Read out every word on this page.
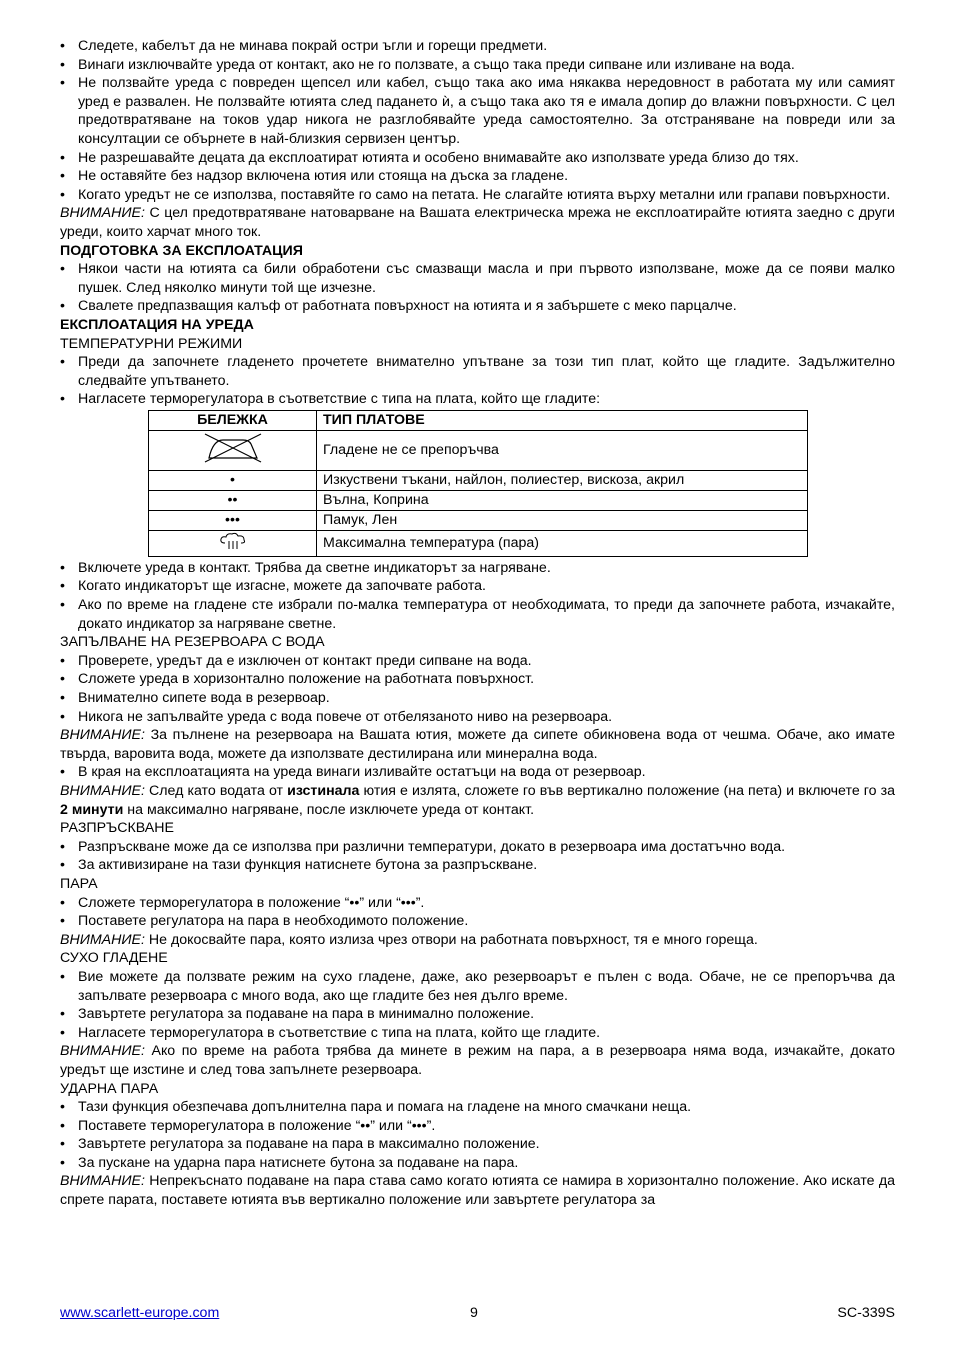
• Следете, кабелът да не минава покрай остри ъгли и горещи предмети.

• Винаги изключвайте уреда от контакт, ако не го ползвате, а също така преди сипване или изливане на вода.

• Не ползвайте уреда с повреден щепсел или кабел, също така ако има някаква нередовност в работата му или самият уред е развален. Не ползвайте ютията след падането ѝ, а също така ако тя е имала допир до влажни повърхности. С цел предотвратяване на токов удар никога не разглобявайте уреда самостоятелно. За отстраняване на повреди или за консултации се обърнете в най-близкия сервизен център.

• Не разрешавайте децата да експлоатират ютията и особено внимавайте ако използвате уреда близо до тях.

• Не оставяйте без надзор включена ютия или стояща на дъска за гладене.

• Когато уредът не се използва, поставяйте го само на петата. Не слагайте ютията върху метални или грапави повърхности.

ВНИМАНИЕ: С цел предотвратяване натоварване на Вашата електрическа мрежа не експлоатирайте ютията заедно с други уреди, които харчат много ток.

ПОДГОТОВКА ЗА ЕКСПЛОАТАЦИЯ

• Някои части на ютията са били обработени със смазващи масла и при първото използване, може да се появи малко пушек. След няколко минути той ще изчезне.

• Свалете предпазващия калъф от работната повърхност на ютията и я забършете с меко парцалче.

ЕКСПЛОАТАЦИЯ НА УРЕДА

ТЕМПЕРАТУРНИ РЕЖИМИ

• Преди да започнете гладенето прочетете внимателно упътване за този тип плат, който ще гладите. Задължително следвайте упътването.

• Нагласете терморегулатора в съответствие с типа на плата, който ще гладите:

БЕЛЕЖКА	ТИП ПЛАТОВЕ
	Гладене не се препоръчва
•	Изкуствени тъкани, найлон, полиестер, вискоза, акрил
••	Вълна, Коприна
•••	Памук, Лен
	Максимална температура (пара)

• Включете уреда в контакт. Трябва да светне индикаторът за нагряване.

• Когато индикаторът ще изгасне, можете да започвате работа.

• Ако по време на гладене сте избрали по-малка температура от необходимата, то преди да започнете работа, изчакайте, докато индикатор за нагряване светне.

ЗАПЪЛВАНЕ НА РЕЗЕРВОАРА С ВОДА

• Проверете, уредът да е изключен от контакт преди сипване на вода.

• Сложете уреда в хоризонтално положение на работната повърхност.

• Внимателно сипете вода в резервоар.

• Никога не запълвайте уреда с вода повече от отбелязаното ниво на резервоара.

ВНИМАНИЕ: За пълнене на резервоара на Вашата ютия, можете да сипете обикновена вода от чешма. Обаче, ако имате твърда, варовита вода, можете да използвате дестилирана или минерална вода.

• В края на експлоатацията на уреда винаги изливайте остатъци на вода от резервоар.

ВНИМАНИЕ: След като водата от изстинала ютия е излята, сложете го във вертикално положение (на пета) и включете го за 2 минути на максимално нагряване, после изключете уреда от контакт.

РАЗПРЪСКВАНЕ

• Разпръскване може да се използва при различни температури, докато в резервоара има достатъчно вода.

• За активизиране на тази функция натиснете бутона за разпръскване.

ПАРА

• Сложете терморегулатора в положение “••” или “•••”.

• Поставете регулатора на пара в необходимото положение.

ВНИМАНИЕ: Не докосвайте пара, която излиза чрез отвори на работната повърхност, тя е много гореща.

СУХО ГЛАДЕНЕ

• Вие можете да ползвате режим на сухо гладене, даже, ако резервоарът е пълен с вода. Обаче, не се препоръчва да запълвате резервоара с много вода, ако ще гладите без нея дълго време.

• Завъртете регулатора за подаване на пара в минимално положение.

• Нагласете терморегулатора в съответствие с типа на плата, който ще гладите.

ВНИМАНИЕ: Ако по време на работа трябва да минете в режим на пара, а в резервоара няма вода, изчакайте, докато уредът ще изстине и след това запълнете резервоара.

УДАРНА ПАРА

• Тази функция обезпечава допълнителна пара и помага на гладене на много смачкани неща.

• Поставете терморегулатора в положение “••” или “•••”.

• Завъртете регулатора за подаване на пара в максимално положение.

• За пускане на ударна пара натиснете бутона за подаване на пара.

ВНИМАНИЕ: Непрекъснато подаване на пара става само когато ютията се намира в хоризонтално положение. Ако искате да спрете парата, поставете ютията във вертикално положение или завъртете регулатора за

www.scarlett-europe.com	9	SC-339S
